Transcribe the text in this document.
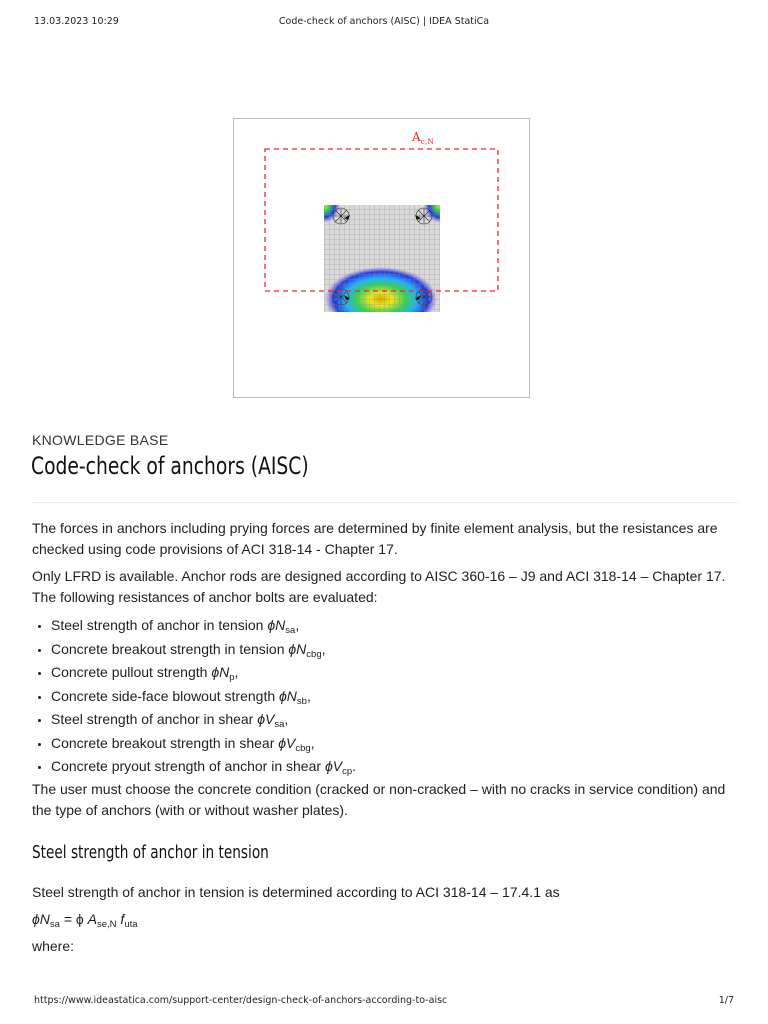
13.03.2023 10:29	Code-check of anchors (AISC) | IDEA StatiCa
$A_{c,N}$
KNOWLEDGE BASE
Code-check of anchors (AISC)

The forces in anchors including prying forces are determined by finite element analysis, but the resistances are checked using code provisions of ACI 318-14 - Chapter 17.

Only LFRD is available. Anchor rods are designed according to AISC 360-16 – J9 and ACI 318-14 – Chapter 17. The following resistances of anchor bolts are evaluated:

• Steel strength of anchor in tension $\phi N_{sa}$,
• Concrete breakout strength in tension $\phi N_{cbg}$,
• Concrete pullout strength $\phi N_p$,
• Concrete side-face blowout strength $\phi N_{sb}$,
• Steel strength of anchor in shear $\phi V_{sa}$,
• Concrete breakout strength in shear $\phi V_{cbg}$,
• Concrete pryout strength of anchor in shear $\phi V_{cp}$.

The user must choose the concrete condition (cracked or non-cracked – with no cracks in service condition) and the type of anchors (with or without washer plates).

Steel strength of anchor in tension

Steel strength of anchor in tension is determined according to ACI 318-14 – 17.4.1 as

$\phi N_{sa} = \phi$ $A_{se,N}$ $f_{uta}$

where:

https://www.ideastatica.com/support-center/design-check-of-anchors-according-to-aisc	1/7
